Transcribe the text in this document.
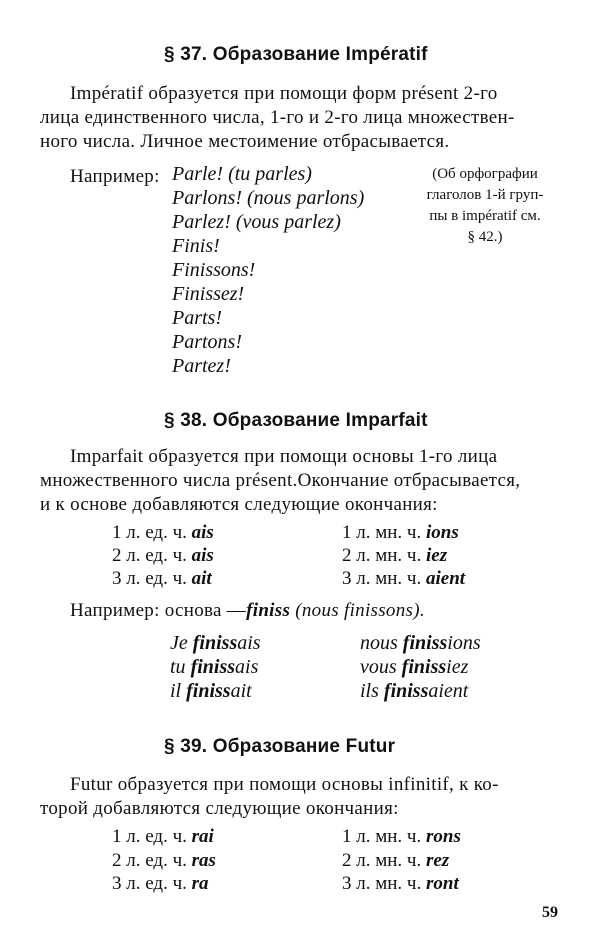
§ 37. Образование Impératif
Impératif образуется при помощи форм présent 2-го
лица единственного числа, 1-го и 2-го лица множествен-
ного числа. Личное местоимение отбрасывается.
Например: Parle! (tu parles)
Parlons! (nous parlons)
Parlez! (vous parlez)
Finis!
Finissons!
Finissez!
Parts!
Partons!
Partez!
(Об орфографии
глаголов 1-й груп-
пы в impératif см.
§ 42.)
§ 38. Образование Imparfait
Imparfait образуется при помощи основы 1-го лица
множественного числа présent.Окончание отбрасывается,
и к основе добавляются следующие окончания:
1 л. ед. ч. ais	1 л. мн. ч. ions
2 л. ед. ч. ais	2 л. мн. ч. iez
3 л. ед. ч. ait	3 л. мн. ч. aient
Например: основа —finiss (nous finissons).
Je finissais	nous finissions
tu finissais	vous finissiez
il finissait	ils finissaient
§ 39. Образование Futur
Futur образуется при помощи основы infinitif, к ко-
торой добавляются следующие окончания:
1 л. ед. ч. rai	1 л. мн. ч. rons
2 л. ед. ч. ras	2 л. мн. ч. rez
3 л. ед. ч. ra	3 л. мн. ч. ront
59
